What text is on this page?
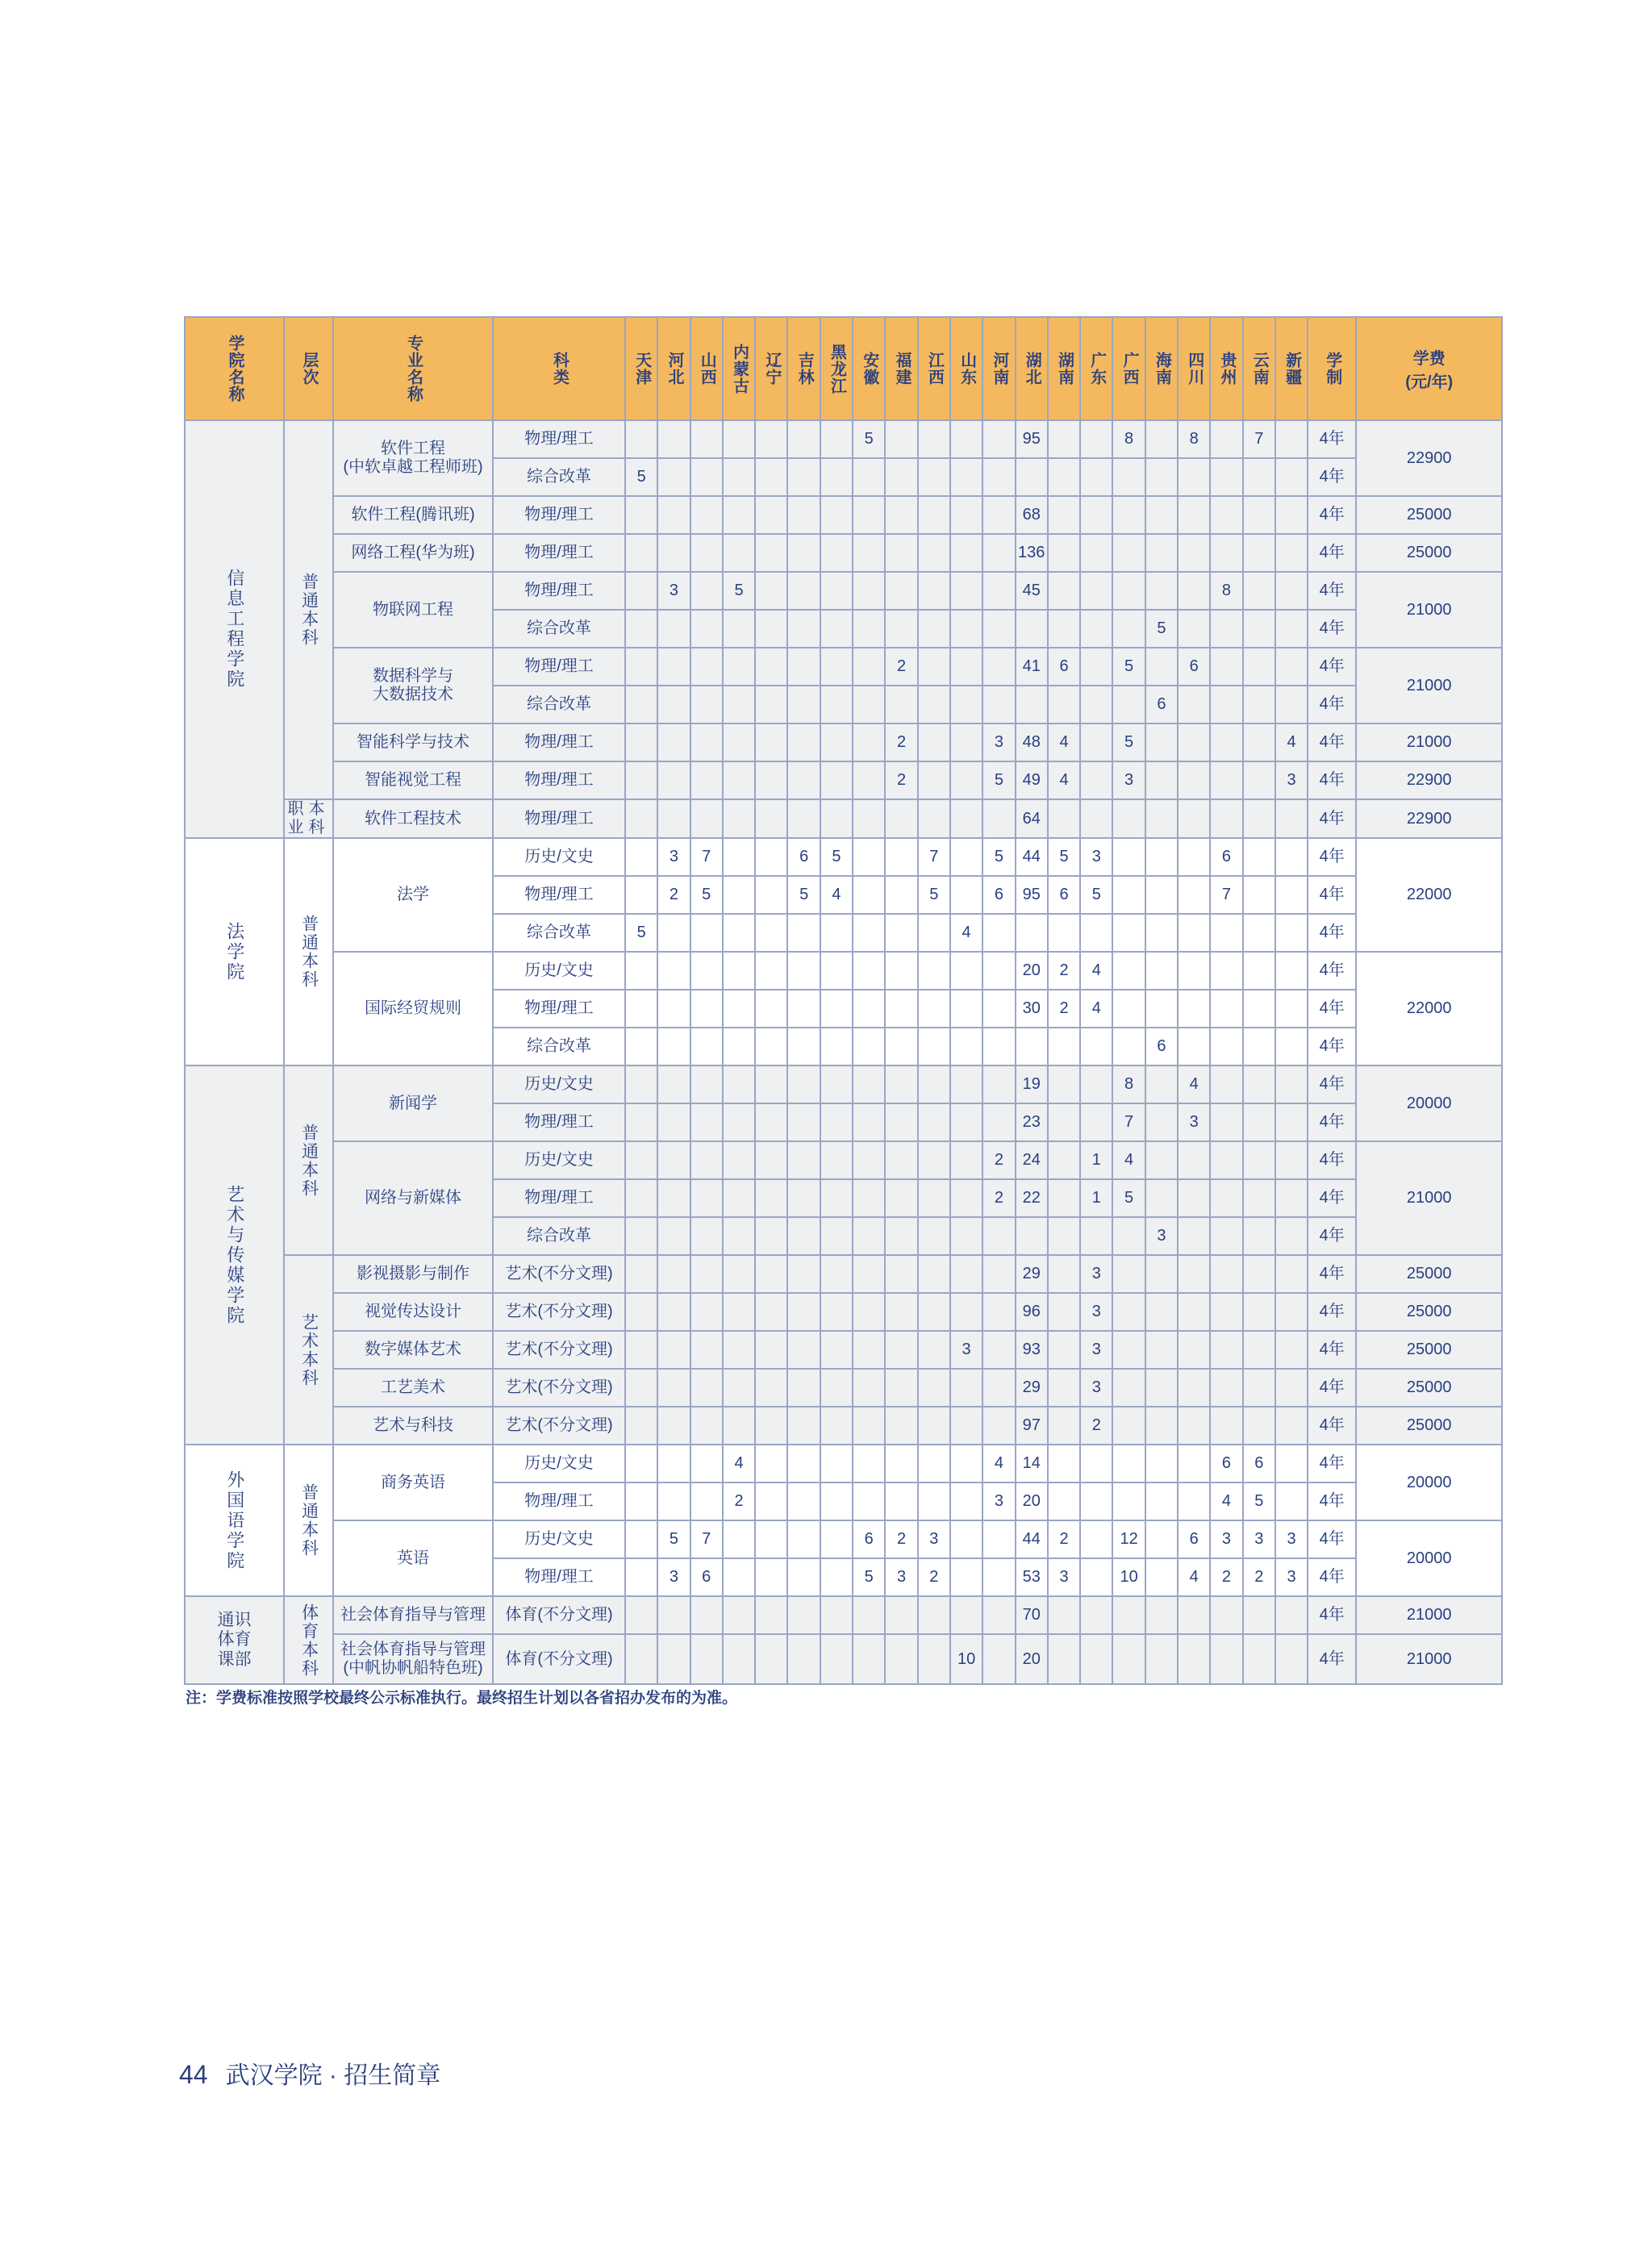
学院名称	层次	专业名称	科类	天津	河北	山西	内蒙古	辽宁	吉林	黑龙江	安徽	福建	江西	山东	河南	湖北	湖南	广东	广西	海南	四川	贵州	云南	新疆	学制	学费
(元/年)

信息工程学院	普通本科	软件工程
(中软卓越工程师班)	物理/理工								5					95			8		8		7		4年	22900
			综合改革	5																					4年	
		软件工程(腾讯班)	物理/理工													68									4年	25000
		网络工程(华为班)	物理/理工													136									4年	25000
		物联网工程	物理/理工		3		5									45						8			4年	21000
			综合改革																	5					4年	
		数据科学与
大数据技术	物理/理工									2				41	6		5		6				4年	21000
			综合改革																	6					4年	
		智能科学与技术	物理/理工									2			3	48	4		5					4	4年	21000
		智能视觉工程	物理/理工									2			5	49	4		3					3	4年	22900

	职本
业科	软件工程技术	物理/理工													64									4年	22900

法学院	普通本科	法学	历史/文史		3	7			6	5			7		5	44	5	3				6			4年	22000
			物理/理工		2	5			5	4			5		6	95	6	5				7			4年	
			综合改革	5										4											4年	
		国际经贸规则	历史/文史													20	2	4							4年	22000
			物理/理工													30	2	4							4年	
			综合改革																	6					4年	

艺术与传媒学院	普通本科	新闻学	历史/文史													19			8		4				4年	20000
			物理/理工													23			7		3				4年	
		网络与新媒体	历史/文史												2	24		1	4						4年	21000
			物理/理工												2	22		1	5						4年	
			综合改革																	3					4年	

	艺术本科	影视摄影与制作	艺术(不分文理)													29		3							4年	25000
		视觉传达设计	艺术(不分文理)													96		3							4年	25000
		数字媒体艺术	艺术(不分文理)											3		93		3							4年	25000
		工艺美术	艺术(不分文理)													29		3							4年	25000
		艺术与科技	艺术(不分文理)													97		2							4年	25000

外国语学院	普通本科	商务英语	历史/文史				4								4	14						6	6		4年	20000
			物理/理工				2								3	20						4	5		4年	
		英语	历史/文史		5	7					6	2	3			44	2		12		6	3	3	3	4年	20000
			物理/理工		3	6					5	3	2			53	3		10		4	2	2	3	4年	

通识
体育
课部	体育本科	社会体育指导与管理	体育(不分文理)													70									4年	21000
		社会体育指导与管理
(中帆协帆船特色班)	体育(不分文理)											10		20									4年	21000

注：学费标准按照学校最终公示标准执行。最终招生计划以各省招办发布的为准。

44 武汉学院 · 招生简章
